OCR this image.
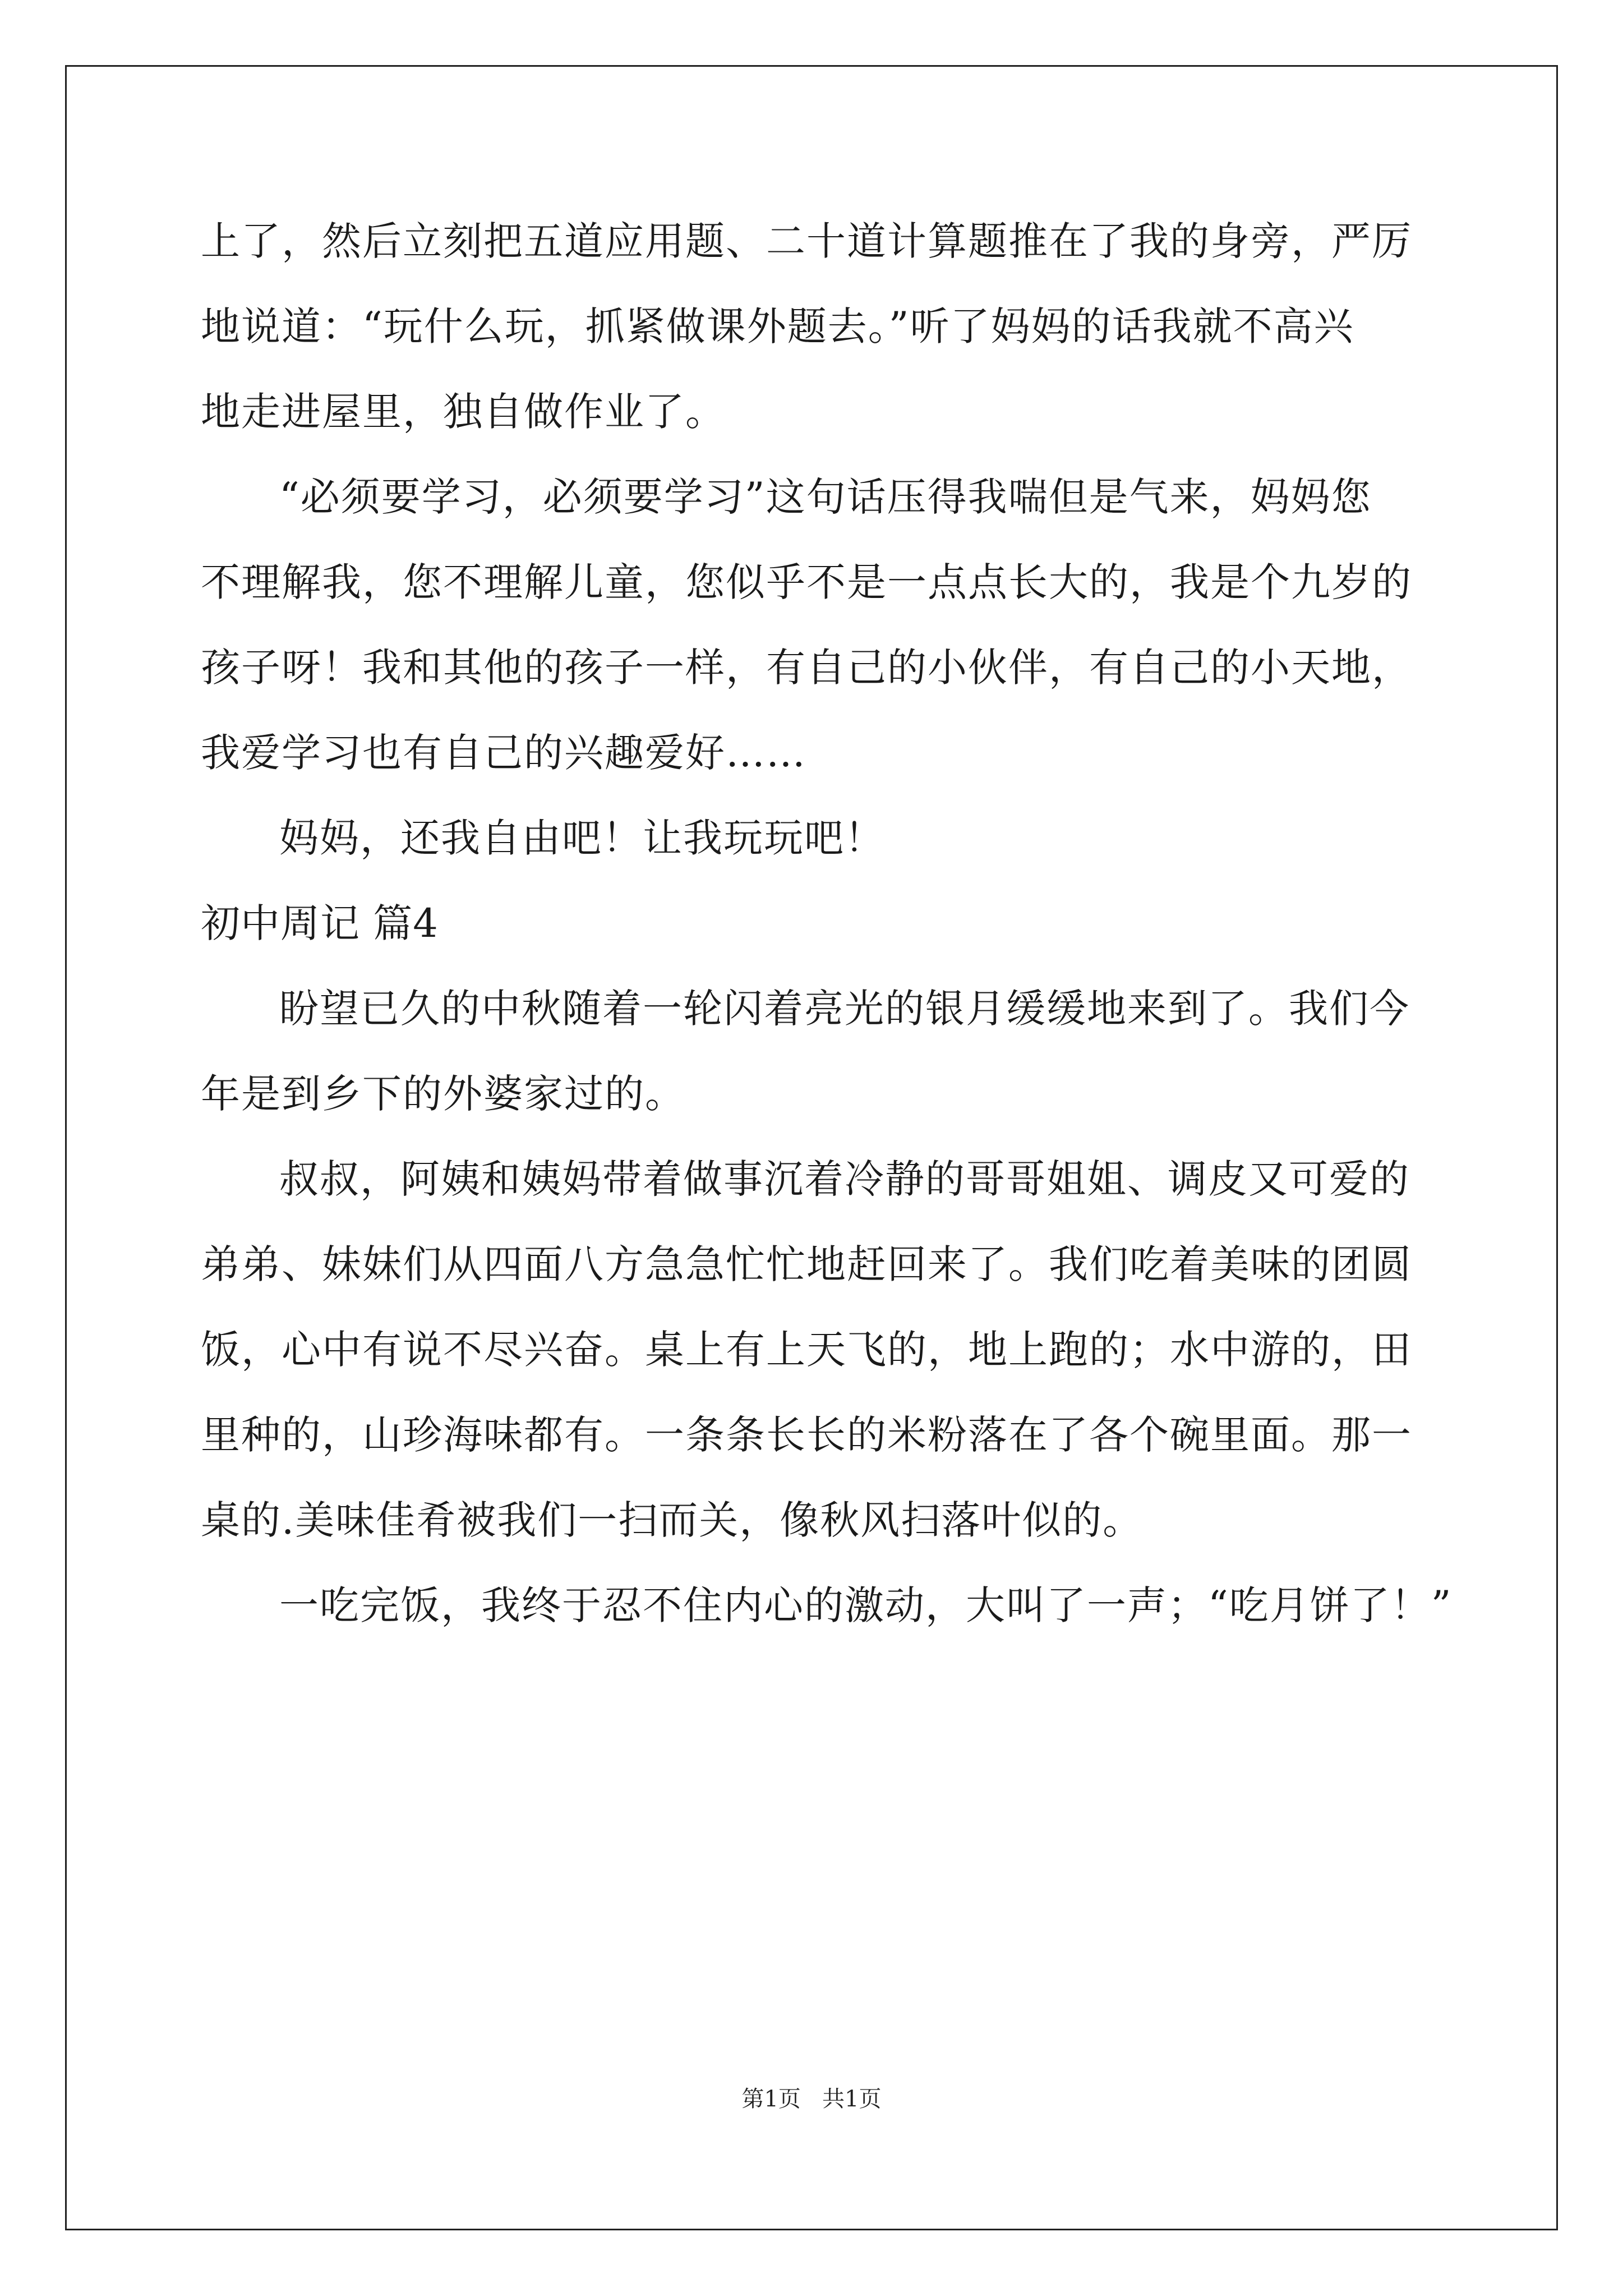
上了，然后立刻把五道应用题、二十道计算题推在了我的身旁，严厉
地说道：“玩什么玩，抓紧做课外题去。”听了妈妈的话我就不高兴
地走进屋里，独自做作业了。
“必须要学习，必须要学习”这句话压得我喘但是气来，妈妈您
不理解我，您不理解儿童，您似乎不是一点点长大的，我是个九岁的
孩子呀！我和其他的孩子一样，有自己的小伙伴，有自己的小天地，
我爱学习也有自己的兴趣爱好……
妈妈，还我自由吧！让我玩玩吧！
初中周记 篇4
盼望已久的中秋随着一轮闪着亮光的银月缓缓地来到了。我们今
年是到乡下的外婆家过的。
叔叔，阿姨和姨妈带着做事沉着冷静的哥哥姐姐、调皮又可爱的
弟弟、妹妹们从四面八方急急忙忙地赶回来了。我们吃着美味的团圆
饭，心中有说不尽兴奋。桌上有上天飞的，地上跑的；水中游的，田
里种的，山珍海味都有。一条条长长的米粉落在了各个碗里面。那一
桌的.美味佳肴被我们一扫而关，像秋风扫落叶似的。
一吃完饭，我终于忍不住内心的激动，大叫了一声；“吃月饼了！”
第1页   共1页
